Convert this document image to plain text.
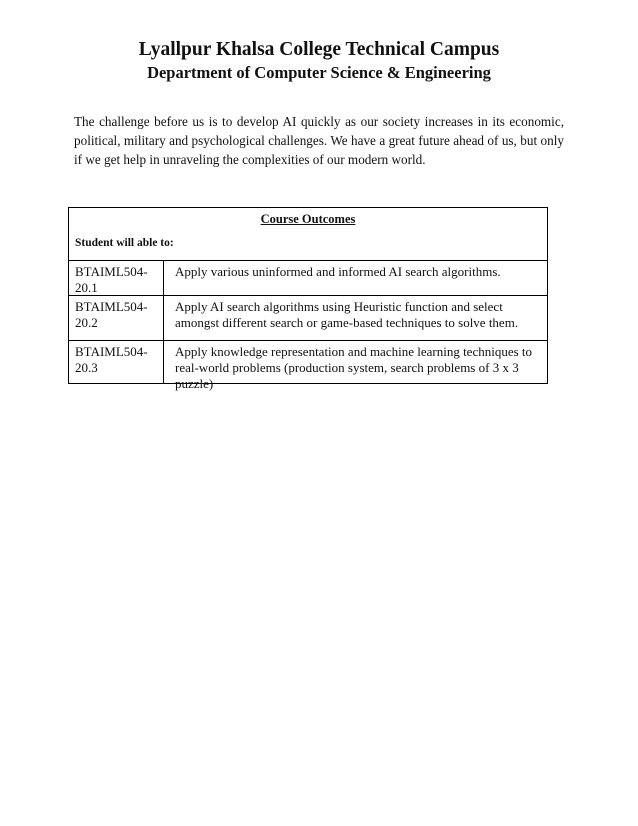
Lyallpur Khalsa College Technical Campus
Department of Computer Science & Engineering

The challenge before us is to develop AI quickly as our society increases in its economic, political, military and psychological challenges. We have a great future ahead of us, but only if we get help in unraveling the complexities of our modern world.

Course Outcomes
Student will able to:
BTAIML504-
20.1
Apply various uninformed and informed AI search algorithms.
BTAIML504-
20.2
Apply AI search algorithms using Heuristic function and select amongst different search or game-based techniques to solve them.
BTAIML504-
20.3
Apply knowledge representation and machine learning techniques to real-world problems (production system, search problems of 3 x 3 puzzle)
